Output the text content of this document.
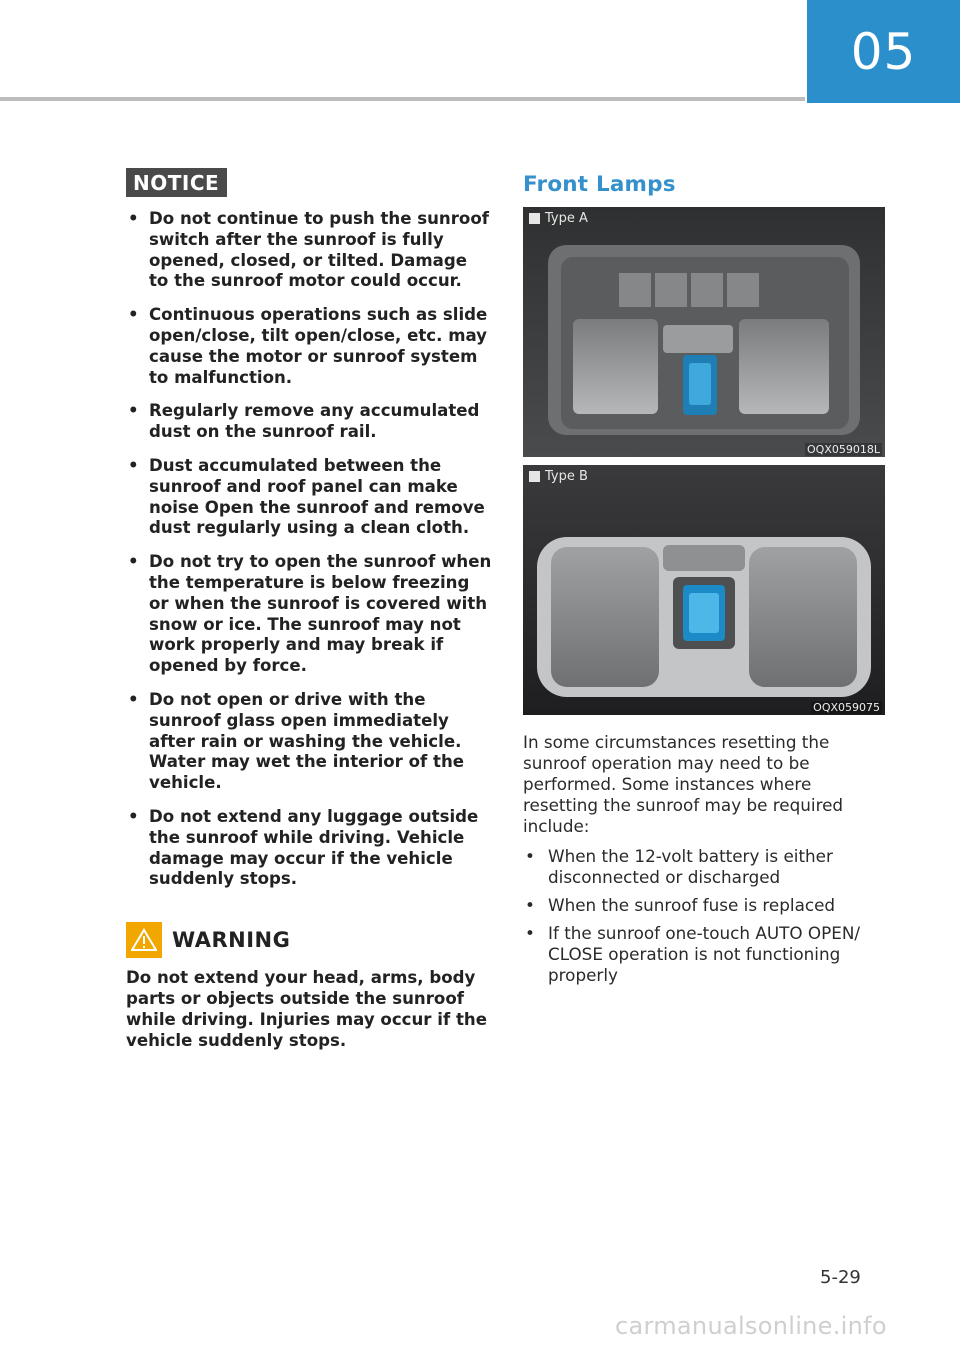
05
NOTICE
• Do not continue to push the sunroof switch after the sunroof is fully opened, closed, or tilted. Damage to the sunroof motor could occur.
• Continuous operations such as slide open/close, tilt open/close, etc. may cause the motor or sunroof system to malfunction.
• Regularly remove any accumulated dust on the sunroof rail.
• Dust accumulated between the sunroof and roof panel can make noise Open the sunroof and remove dust regularly using a clean cloth.
• Do not try to open the sunroof when the temperature is below freezing or when the sunroof is covered with snow or ice. The sunroof may not work properly and may break if opened by force.
• Do not open or drive with the sunroof glass open immediately after rain or washing the vehicle. Water may wet the interior of the vehicle.
• Do not extend any luggage outside the sunroof while driving. Vehicle damage may occur if the vehicle suddenly stops.
WARNING
Do not extend your head, arms, body parts or objects outside the sunroof while driving. Injuries may occur if the vehicle suddenly stops.
Front Lamps
Type A
OQX059018L
Type B
OQX059075
In some circumstances resetting the sunroof operation may need to be performed. Some instances where resetting the sunroof may be required include:
• When the 12-volt battery is either disconnected or discharged
• When the sunroof fuse is replaced
• If the sunroof one-touch AUTO OPEN/ CLOSE operation is not functioning properly
5-29
carmanualsonline.info
